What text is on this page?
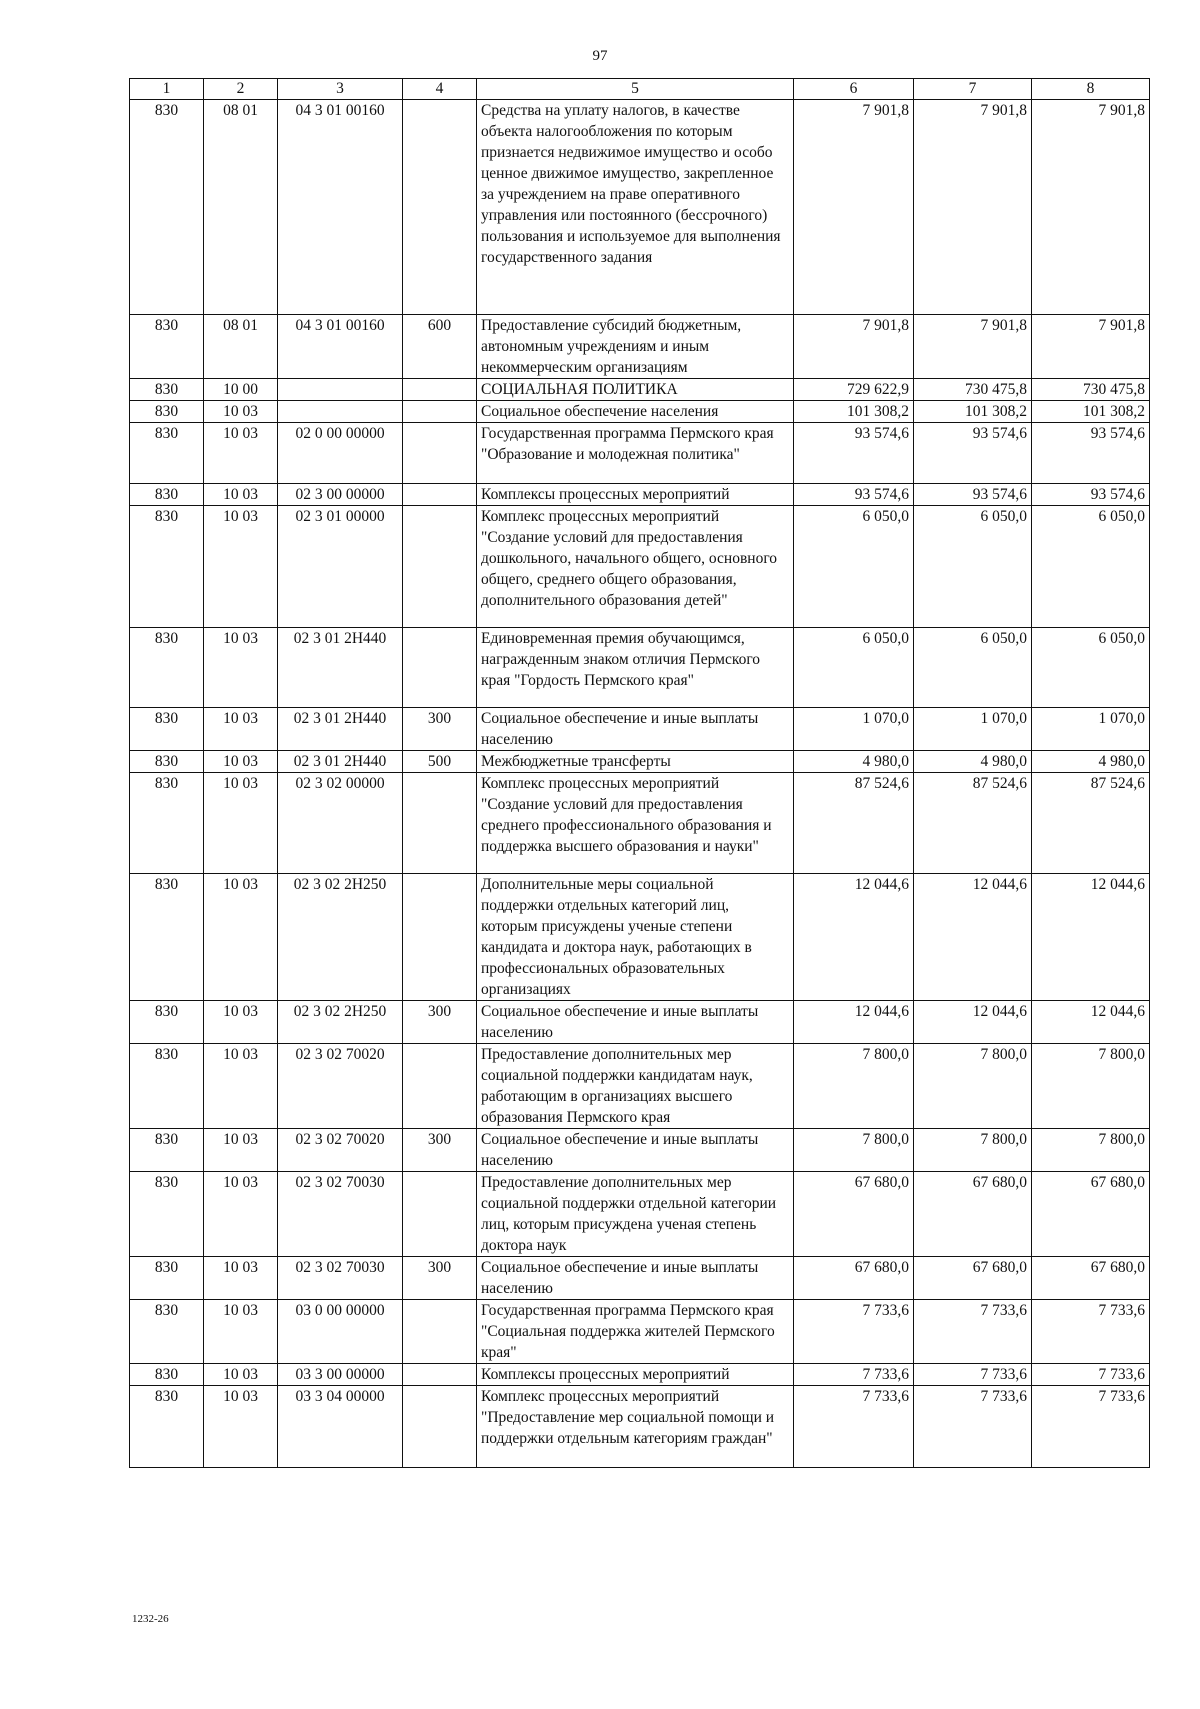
97
1	2	3	4	5	6	7	8
830	08 01	04 3 01 00160		Средства на уплату налогов, в качестве объекта налогообложения по которым признается недвижимое имущество и особо ценное движимое имущество, закрепленное за учреждением на праве оперативного управления или постоянного (бессрочного) пользования и используемое для выполнения государственного задания	7 901,8	7 901,8	7 901,8
830	08 01	04 3 01 00160	600	Предоставление субсидий бюджетным, автономным учреждениям и иным некоммерческим организациям	7 901,8	7 901,8	7 901,8
830	10 00			СОЦИАЛЬНАЯ ПОЛИТИКА	729 622,9	730 475,8	730 475,8
830	10 03			Социальное обеспечение населения	101 308,2	101 308,2	101 308,2
830	10 03	02 0 00 00000		Государственная программа Пермского края "Образование и молодежная политика"	93 574,6	93 574,6	93 574,6
830	10 03	02 3 00 00000		Комплексы процессных мероприятий	93 574,6	93 574,6	93 574,6
830	10 03	02 3 01 00000		Комплекс процессных мероприятий "Создание условий для предоставления дошкольного, начального общего, основного общего, среднего общего образования, дополнительного образования детей"	6 050,0	6 050,0	6 050,0
830	10 03	02 3 01 2Н440		Единовременная премия обучающимся, награжденным знаком отличия Пермского края "Гордость Пермского края"	6 050,0	6 050,0	6 050,0
830	10 03	02 3 01 2Н440	300	Социальное обеспечение и иные выплаты населению	1 070,0	1 070,0	1 070,0
830	10 03	02 3 01 2Н440	500	Межбюджетные трансферты	4 980,0	4 980,0	4 980,0
830	10 03	02 3 02 00000		Комплекс процессных мероприятий "Создание условий для предоставления среднего профессионального образования и поддержка высшего образования и науки"	87 524,6	87 524,6	87 524,6
830	10 03	02 3 02 2Н250		Дополнительные меры социальной поддержки отдельных категорий лиц, которым присуждены ученые степени кандидата и доктора наук, работающих в профессиональных образовательных организациях	12 044,6	12 044,6	12 044,6
830	10 03	02 3 02 2Н250	300	Социальное обеспечение и иные выплаты населению	12 044,6	12 044,6	12 044,6
830	10 03	02 3 02 70020		Предоставление дополнительных мер социальной поддержки кандидатам наук, работающим в организациях высшего образования Пермского края	7 800,0	7 800,0	7 800,0
830	10 03	02 3 02 70020	300	Социальное обеспечение и иные выплаты населению	7 800,0	7 800,0	7 800,0
830	10 03	02 3 02 70030		Предоставление дополнительных мер социальной поддержки отдельной категории лиц, которым присуждена ученая степень доктора наук	67 680,0	67 680,0	67 680,0
830	10 03	02 3 02 70030	300	Социальное обеспечение и иные выплаты населению	67 680,0	67 680,0	67 680,0
830	10 03	03 0 00 00000		Государственная программа Пермского края "Социальная поддержка жителей Пермского края"	7 733,6	7 733,6	7 733,6
830	10 03	03 3 00 00000		Комплексы процессных мероприятий	7 733,6	7 733,6	7 733,6
830	10 03	03 3 04 00000		Комплекс процессных мероприятий "Предоставление мер социальной помощи и поддержки отдельным категориям граждан"	7 733,6	7 733,6	7 733,6
1232-26
